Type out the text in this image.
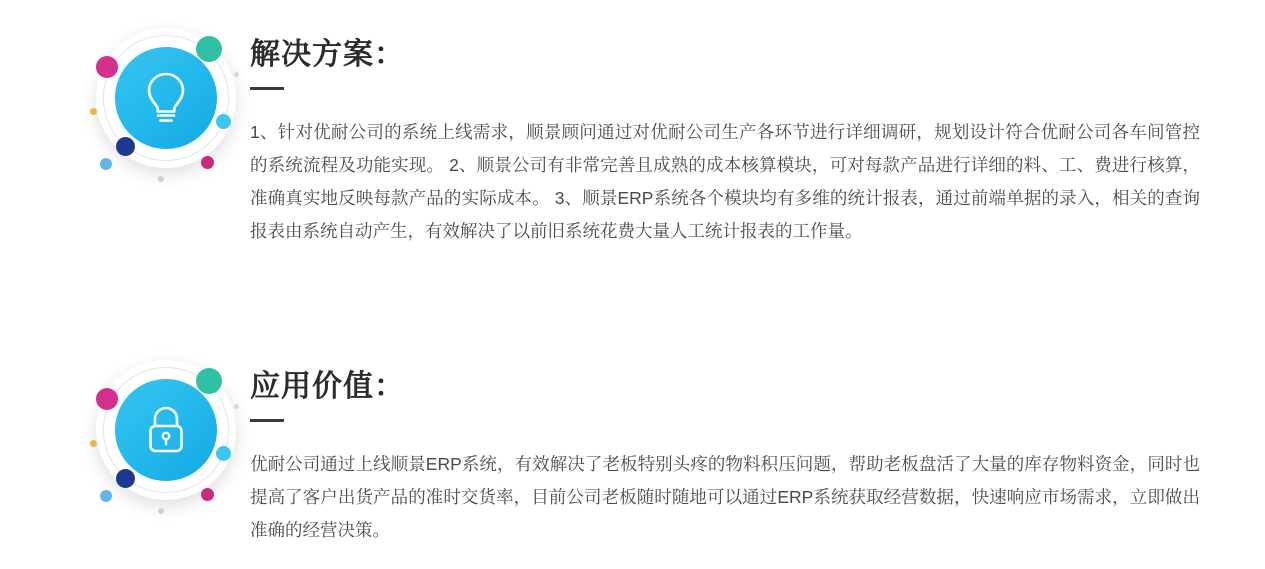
解决方案：

1、针对优耐公司的系统上线需求，顺景顾问通过对优耐公司生产各环节进行详细调研，规划设计符合优耐公司各车间管控的系统流程及功能实现。 2、顺景公司有非常完善且成熟的成本核算模块，可对每款产品进行详细的料、工、费进行核算，准确真实地反映每款产品的实际成本。 3、顺景ERP系统各个模块均有多维的统计报表，通过前端单据的录入，相关的查询报表由系统自动产生，有效解决了以前旧系统花费大量人工统计报表的工作量。

应用价值：

优耐公司通过上线顺景ERP系统，有效解决了老板特别头疼的物料积压问题，帮助老板盘活了大量的库存物料资金，同时也提高了客户出货产品的准时交货率，目前公司老板随时随地可以通过ERP系统获取经营数据，快速响应市场需求，立即做出准确的经营决策。
